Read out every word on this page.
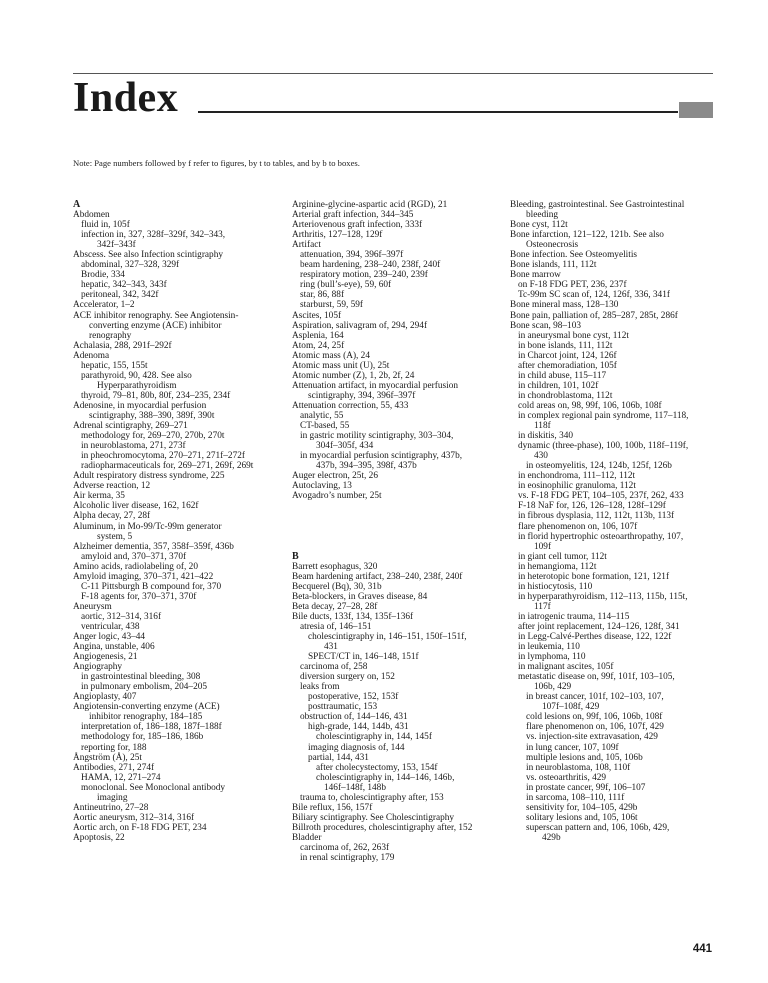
Index
Note: Page numbers followed by f refer to figures, by t to tables, and by b to boxes.
A
Abdomen
fluid in, 105f
infection in, 327, 328f–329f, 342–343,
342f–343f
Abscess. See also Infection scintigraphy
abdominal, 327–328, 329f
Brodie, 334
hepatic, 342–343, 343f
peritoneal, 342, 342f
Accelerator, 1–2
ACE inhibitor renography. See Angiotensin-
converting enzyme (ACE) inhibitor
renography
Achalasia, 288, 291f–292f
Adenoma
hepatic, 155, 155t
parathyroid, 90, 428. See also
Hyperparathyroidism
thyroid, 79–81, 80b, 80f, 234–235, 234f
Adenosine, in myocardial perfusion
scintigraphy, 388–390, 389f, 390t
Adrenal scintigraphy, 269–271
methodology for, 269–270, 270b, 270t
in neuroblastoma, 271, 273f
in pheochromocytoma, 270–271, 271f–272f
radiopharmaceuticals for, 269–271, 269f, 269t
Adult respiratory distress syndrome, 225
Adverse reaction, 12
Air kerma, 35
Alcoholic liver disease, 162, 162f
Alpha decay, 27, 28f
Aluminum, in Mo-99/Tc-99m generator
system, 5
Alzheimer dementia, 357, 358f–359f, 436b
amyloid and, 370–371, 370f
Amino acids, radiolabeling of, 20
Amyloid imaging, 370–371, 421–422
C-11 Pittsburgh B compound for, 370
F-18 agents for, 370–371, 370f
Aneurysm
aortic, 312–314, 316f
ventricular, 438
Anger logic, 43–44
Angina, unstable, 406
Angiogenesis, 21
Angiography
in gastrointestinal bleeding, 308
in pulmonary embolism, 204–205
Angioplasty, 407
Angiotensin-converting enzyme (ACE)
inhibitor renography, 184–185
interpretation of, 186–188, 187f–188f
methodology for, 185–186, 186b
reporting for, 188
Ångström (Å), 25t
Antibodies, 271, 274f
HAMA, 12, 271–274
monoclonal. See Monoclonal antibody
imaging
Antineutrino, 27–28
Aortic aneurysm, 312–314, 316f
Aortic arch, on F-18 FDG PET, 234
Apoptosis, 22
Arginine-glycine-aspartic acid (RGD), 21
Arterial graft infection, 344–345
Arteriovenous graft infection, 333f
Arthritis, 127–128, 129f
Artifact
attenuation, 394, 396f–397f
beam hardening, 238–240, 238f, 240f
respiratory motion, 239–240, 239f
ring (bull’s-eye), 59, 60f
star, 86, 88f
starburst, 59, 59f
Ascites, 105f
Aspiration, salivagram of, 294, 294f
Asplenia, 164
Atom, 24, 25f
Atomic mass (A), 24
Atomic mass unit (U), 25t
Atomic number (Z), 1, 2b, 2f, 24
Attenuation artifact, in myocardial perfusion
scintigraphy, 394, 396f–397f
Attenuation correction, 55, 433
analytic, 55
CT-based, 55
in gastric motility scintigraphy, 303–304,
304f–305f, 434
in myocardial perfusion scintigraphy, 437b,
437b, 394–395, 398f, 437b
Auger electron, 25t, 26
Autoclaving, 13
Avogadro’s number, 25t
B
Barrett esophagus, 320
Beam hardening artifact, 238–240, 238f, 240f
Becquerel (Bq), 30, 31b
Beta-blockers, in Graves disease, 84
Beta decay, 27–28, 28f
Bile ducts, 133f, 134, 135f–136f
atresia of, 146–151
cholescintigraphy in, 146–151, 150f–151f,
431
SPECT/CT in, 146–148, 151f
carcinoma of, 258
diversion surgery on, 152
leaks from
postoperative, 152, 153f
posttraumatic, 153
obstruction of, 144–146, 431
high-grade, 144, 144b, 431
cholescintigraphy in, 144, 145f
imaging diagnosis of, 144
partial, 144, 431
after cholecystectomy, 153, 154f
cholescintigraphy in, 144–146, 146b,
146f–148f, 148b
trauma to, cholescintigraphy after, 153
Bile reflux, 156, 157f
Biliary scintigraphy. See Cholescintigraphy
Billroth procedures, cholescintigraphy after, 152
Bladder
carcinoma of, 262, 263f
in renal scintigraphy, 179
Bleeding, gastrointestinal. See Gastrointestinal
bleeding
Bone cyst, 112t
Bone infarction, 121–122, 121b. See also
Osteonecrosis
Bone infection. See Osteomyelitis
Bone islands, 111, 112t
Bone marrow
on F-18 FDG PET, 236, 237f
Tc-99m SC scan of, 124, 126f, 336, 341f
Bone mineral mass, 128–130
Bone pain, palliation of, 285–287, 285t, 286f
Bone scan, 98–103
in aneurysmal bone cyst, 112t
in bone islands, 111, 112t
in Charcot joint, 124, 126f
after chemoradiation, 105f
in child abuse, 115–117
in children, 101, 102f
in chondroblastoma, 112t
cold areas on, 98, 99f, 106, 106b, 108f
in complex regional pain syndrome, 117–118,
118f
in diskitis, 340
dynamic (three-phase), 100, 100b, 118f–119f,
430
in osteomyelitis, 124, 124b, 125f, 126b
in enchondroma, 111–112, 112t
in eosinophilic granuloma, 112t
vs. F-18 FDG PET, 104–105, 237f, 262, 433
F-18 NaF for, 126, 126–128, 128f–129f
in fibrous dysplasia, 112, 112t, 113b, 113f
flare phenomenon on, 106, 107f
in florid hypertrophic osteoarthropathy, 107,
109f
in giant cell tumor, 112t
in hemangioma, 112t
in heterotopic bone formation, 121, 121f
in histiocytosis, 110
in hyperparathyroidism, 112–113, 115b, 115t,
117f
in iatrogenic trauma, 114–115
after joint replacement, 124–126, 128f, 341
in Legg-Calvé-Perthes disease, 122, 122f
in leukemia, 110
in lymphoma, 110
in malignant ascites, 105f
metastatic disease on, 99f, 101f, 103–105,
106b, 429
in breast cancer, 101f, 102–103, 107,
107f–108f, 429
cold lesions on, 99f, 106, 106b, 108f
flare phenomenon on, 106, 107f, 429
vs. injection-site extravasation, 429
in lung cancer, 107, 109f
multiple lesions and, 105, 106b
in neuroblastoma, 108, 110f
vs. osteoarthritis, 429
in prostate cancer, 99f, 106–107
in sarcoma, 108–110, 111f
sensitivity for, 104–105, 429b
solitary lesions and, 105, 106t
superscan pattern and, 106, 106b, 429,
429b
441
